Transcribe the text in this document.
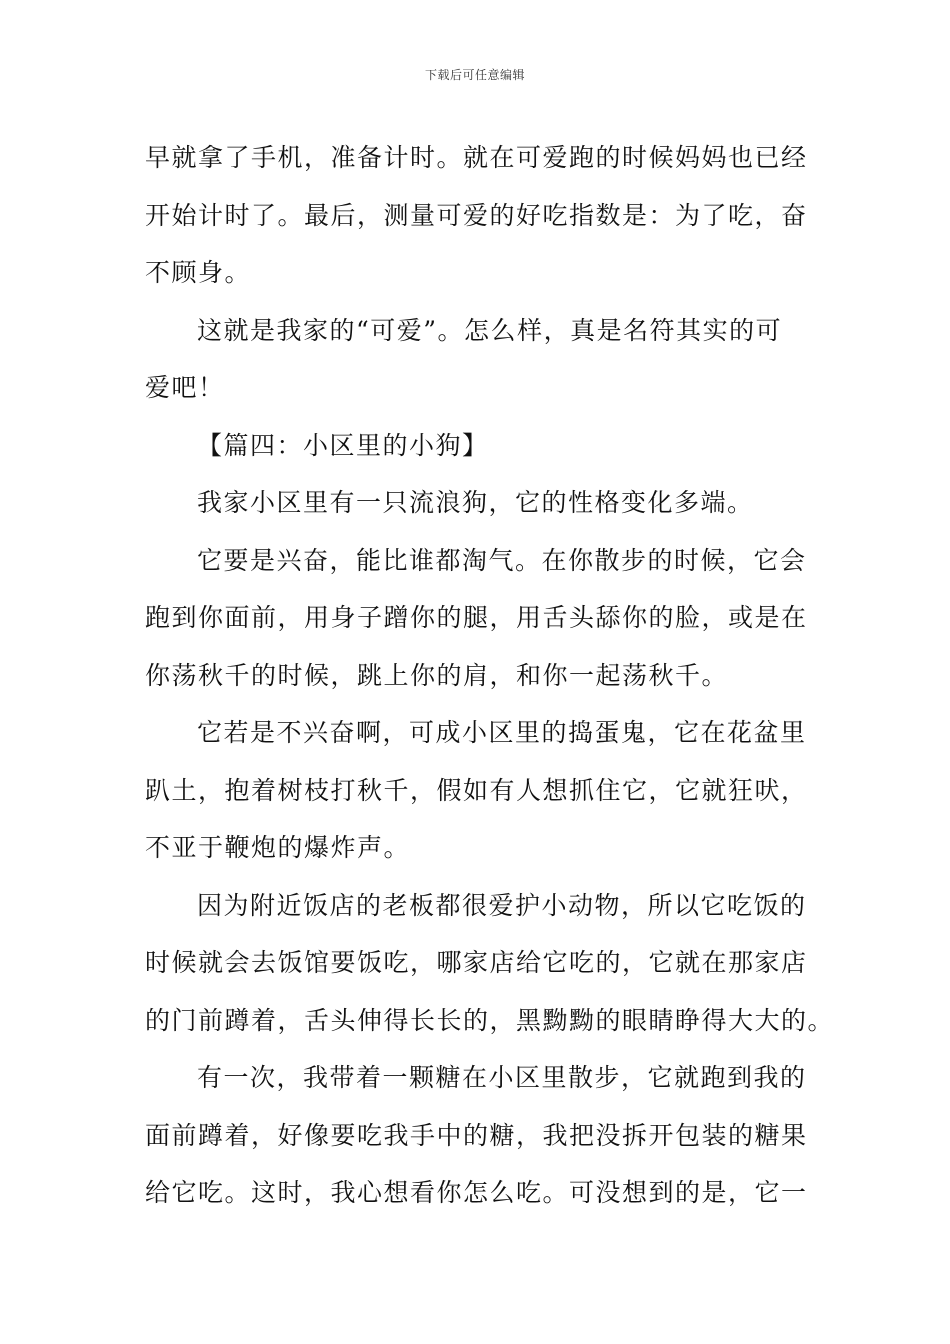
下载后可任意编辑
早就拿了手机，准备计时。就在可爱跑的时候妈妈也已经
开始计时了。最后，测量可爱的好吃指数是：为了吃，奋
不顾身。
这就是我家的“可爱”。怎么样，真是名符其实的可
爱吧！
【篇四：小区里的小狗】
我家小区里有一只流浪狗，它的性格变化多端。
它要是兴奋，能比谁都淘气。在你散步的时候，它会
跑到你面前，用身子蹭你的腿，用舌头舔你的脸，或是在
你荡秋千的时候，跳上你的肩，和你一起荡秋千。
它若是不兴奋啊，可成小区里的捣蛋鬼，它在花盆里
趴土，抱着树枝打秋千，假如有人想抓住它，它就狂吠，
不亚于鞭炮的爆炸声。
因为附近饭店的老板都很爱护小动物，所以它吃饭的
时候就会去饭馆要饭吃，哪家店给它吃的，它就在那家店
的门前蹲着，舌头伸得长长的，黑黝黝的眼睛睁得大大的。
有一次，我带着一颗糖在小区里散步，它就跑到我的
面前蹲着，好像要吃我手中的糖，我把没拆开包装的糖果
给它吃。这时，我心想看你怎么吃。可没想到的是，它一
